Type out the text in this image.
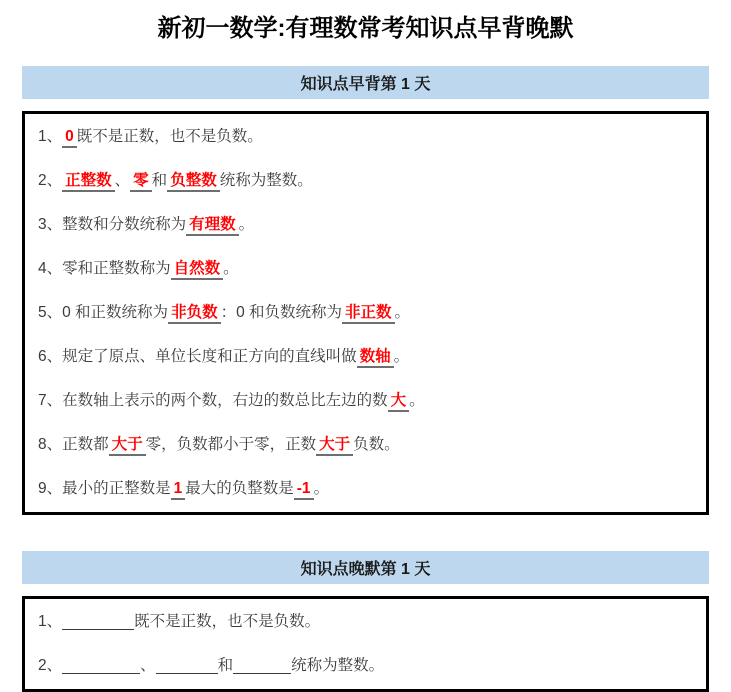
新初一数学:有理数常考知识点早背晚默
知识点早背第 1 天
1、 0 既不是正数，也不是负数。
2、 正整数 、 零 和 负整数 统称为整数。
3、整数和分数统称为 有理数 。
4、零和正整数称为 自然数 。
5、0 和正数统称为 非负数 ：0 和负数统称为 非正数 。
6、规定了原点、单位长度和正方向的直线叫做 数轴 。
7、在数轴上表示的两个数，右边的数总比左边的数 大 。
8、正数都 大于 零，负数都小于零，正数 大于 负数。
9、最小的正整数是 1 最大的负整数是 -1 。
知识点晚默第 1 天
1、	既不是正数，也不是负数。
2、	、	和	统称为整数。
